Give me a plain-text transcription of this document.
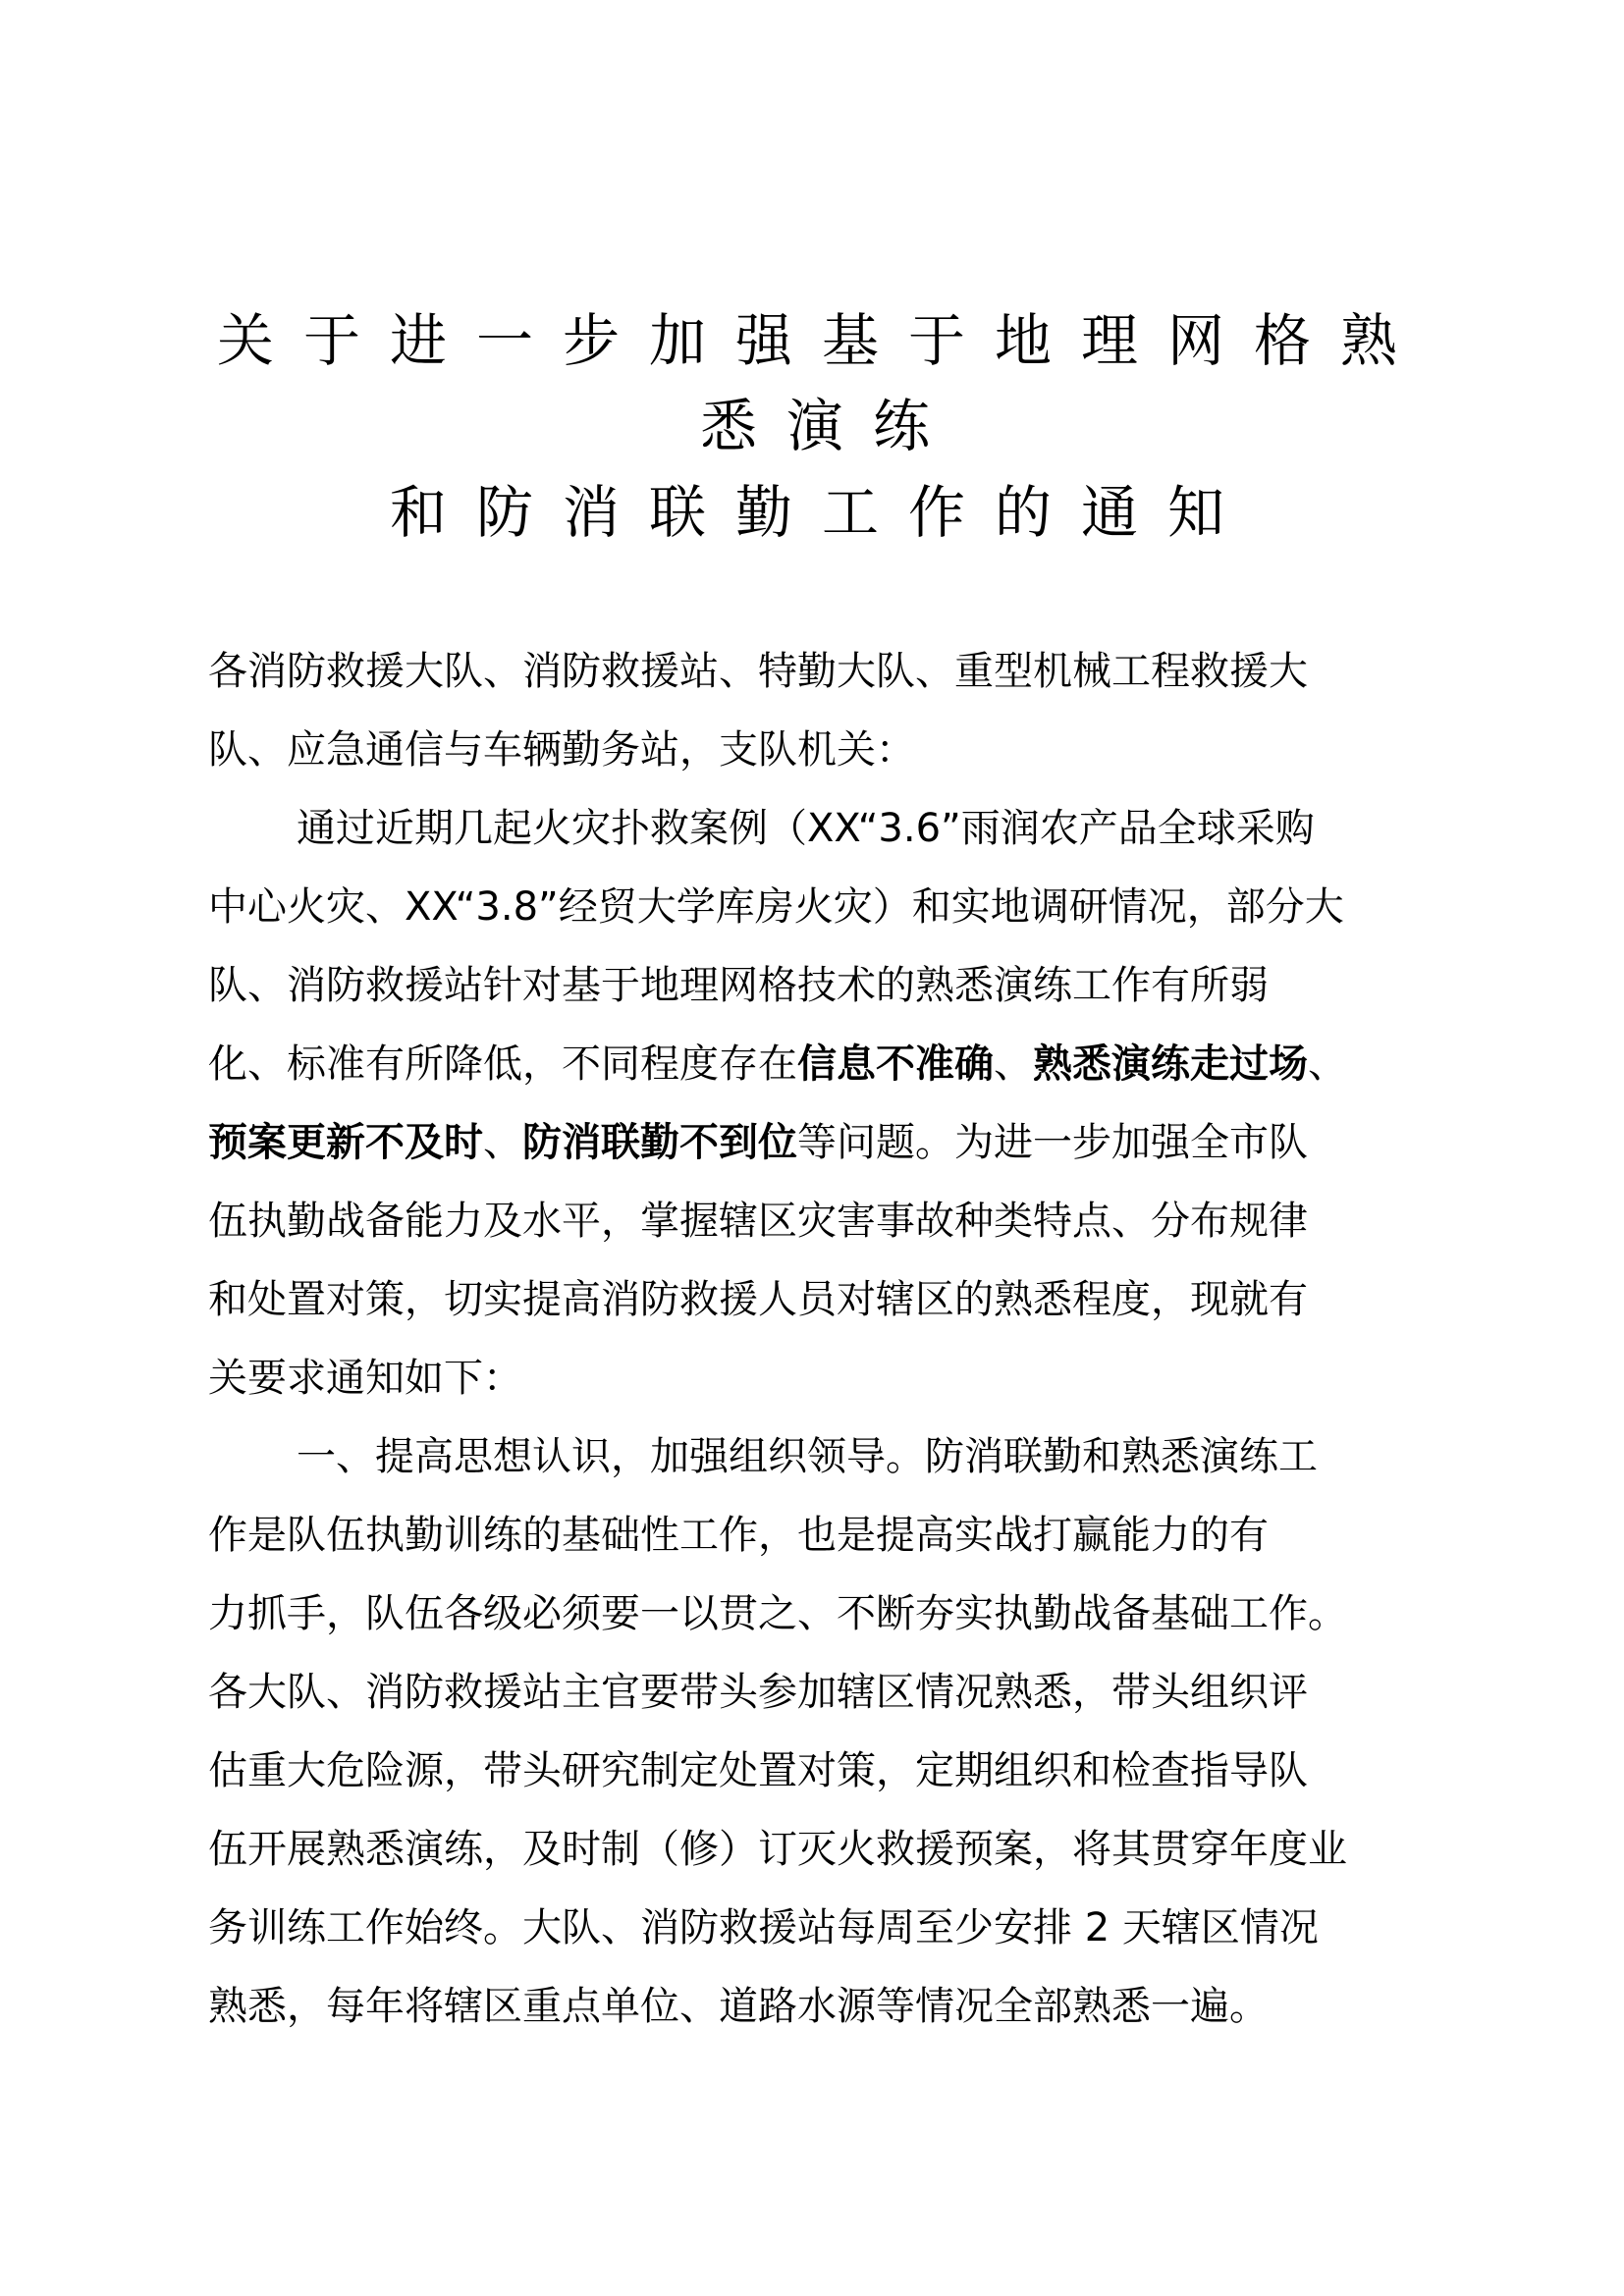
关于进一步加强基于地理网格熟
悉演练
和防消联勤工作的通知
各消防救援大队、消防救援站、特勤大队、重型机械工程救援大
队、应急通信与车辆勤务站，支队机关：
通过近期几起火灾扑救案例（XX“3.6”雨润农产品全球采购
中心火灾、XX“3.8”经贸大学库房火灾）和实地调研情况，部分大
队、消防救援站针对基于地理网格技术的熟悉演练工作有所弱
化、标准有所降低，不同程度存在信息不准确、熟悉演练走过场、
预案更新不及时、防消联勤不到位等问题。为进一步加强全市队
伍执勤战备能力及水平，掌握辖区灾害事故种类特点、分布规律
和处置对策，切实提高消防救援人员对辖区的熟悉程度，现就有
关要求通知如下：
一、提高思想认识，加强组织领导。防消联勤和熟悉演练工
作是队伍执勤训练的基础性工作，也是提高实战打赢能力的有
力抓手，队伍各级必须要一以贯之、不断夯实执勤战备基础工作。
各大队、消防救援站主官要带头参加辖区情况熟悉，带头组织评
估重大危险源，带头研究制定处置对策，定期组织和检查指导队
伍开展熟悉演练，及时制（修）订灭火救援预案，将其贯穿年度业
务训练工作始终。大队、消防救援站每周至少安排 2 天辖区情况
熟悉，每年将辖区重点单位、道路水源等情况全部熟悉一遍。
